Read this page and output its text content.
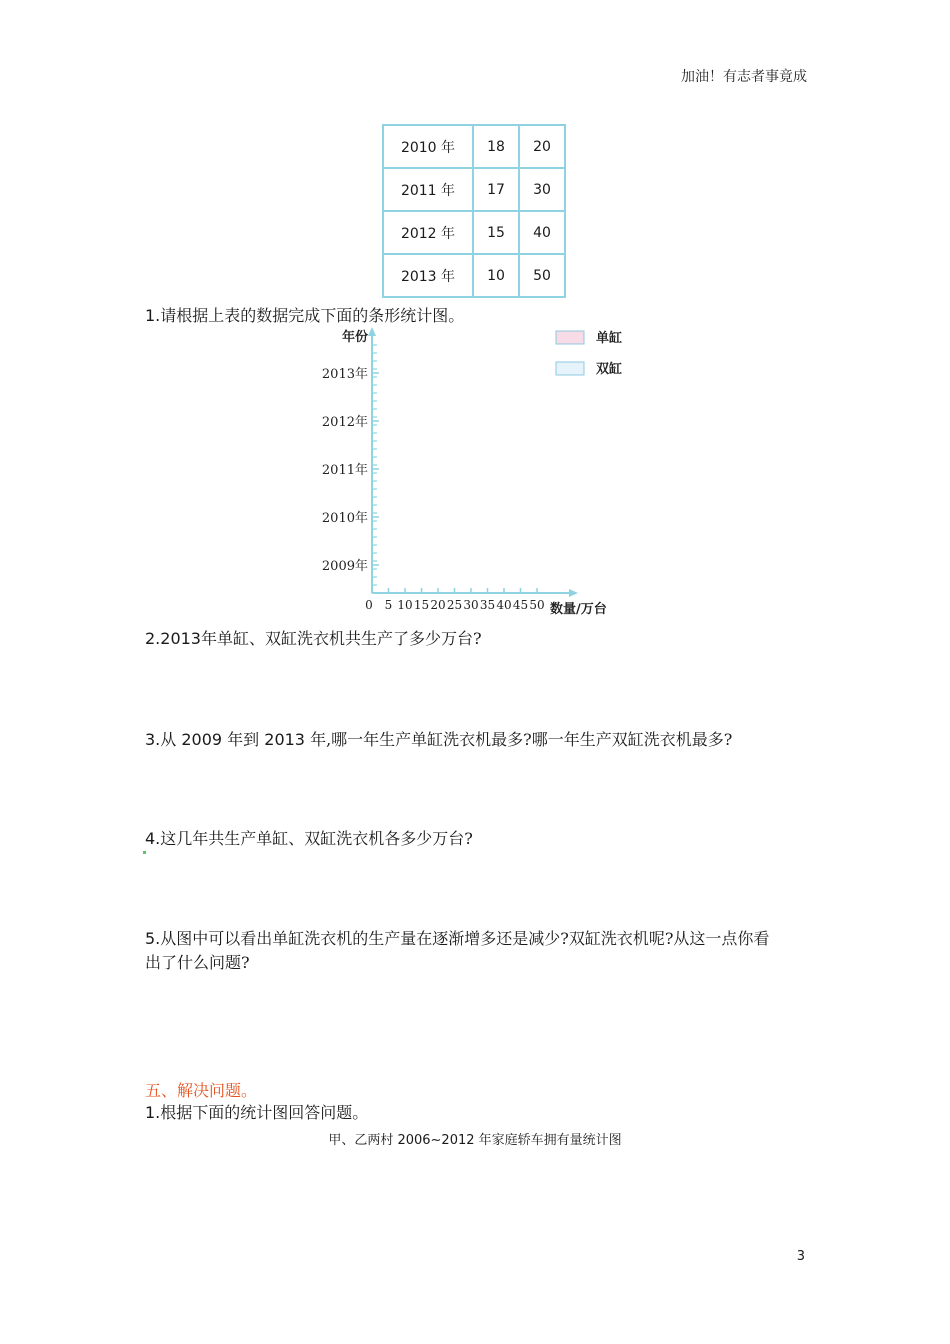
加油！有志者事竟成
2010 年	18	20
2011 年	17	30
2012 年	15	40
2013 年	10	50
1.请根据上表的数据完成下面的条形统计图。
0 5 10 15 20 25 30 35 40 45 50
2009年
2010年
2011年
2012年
2013年
年份
数量/万台
单缸
双缸
2.2013年单缸、双缸洗衣机共生产了多少万台?
3.从 2009 年到 2013 年,哪一年生产单缸洗衣机最多?哪一年生产双缸洗衣机最多?
4.这几年共生产单缸、双缸洗衣机各多少万台?
5.从图中可以看出单缸洗衣机的生产量在逐渐增多还是减少?双缸洗衣机呢?从这一点你看
出了什么问题?
五、解决问题。
1.根据下面的统计图回答问题。
甲、乙两村 2006~2012 年家庭轿车拥有量统计图
3
